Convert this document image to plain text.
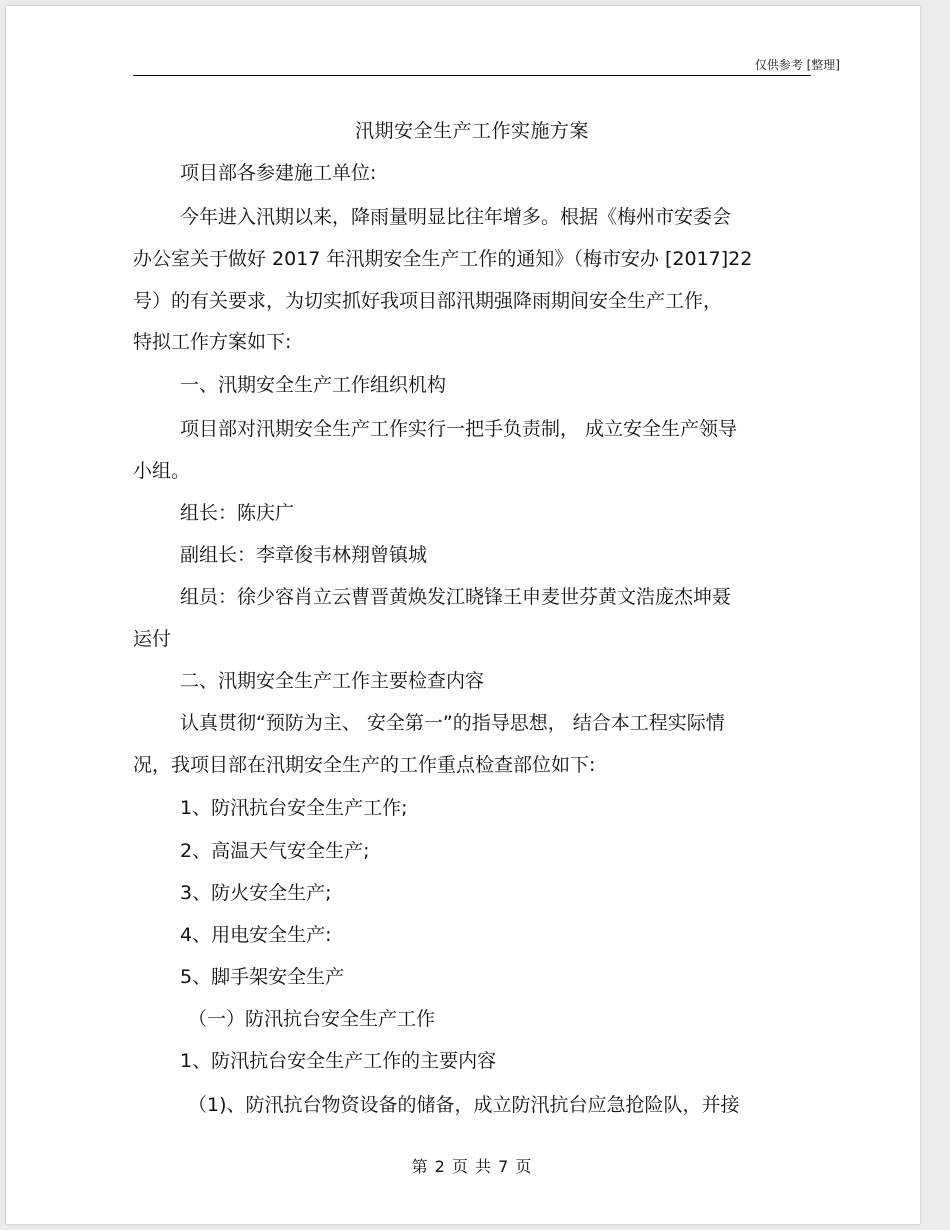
仅供参考 [整理]
汛期安全生产工作实施方案
项目部各参建施工单位:
今年进入汛期以来，降雨量明显比往年增多。根据《梅州市安委会
办公室关于做好 2017 年汛期安全生产工作的通知》（梅市安办 [2017]22
号）的有关要求，为切实抓好我项目部汛期强降雨期间安全生产工作，
特拟工作方案如下:
一、汛期安全生产工作组织机构
项目部对汛期安全生产工作实行一把手负责制， 成立安全生产领导
小组。
组长：陈庆广
副组长：李章俊韦林翔曾镇城
组员：徐少容肖立云曹晋黄焕发江晓锋王申麦世芬黄文浩庞杰坤聂
运付
二、汛期安全生产工作主要检查内容
认真贯彻“预防为主、 安全第一”的指导思想， 结合本工程实际情
况，我项目部在汛期安全生产的工作重点检查部位如下:
1、防汛抗台安全生产工作;
2、高温天气安全生产;
3、防火安全生产;
4、用电安全生产:
5、脚手架安全生产
（一）防汛抗台安全生产工作
1、防汛抗台安全生产工作的主要内容
（1)、防汛抗台物资设备的储备，成立防汛抗台应急抢险队，并接
第 2 页 共 7 页
